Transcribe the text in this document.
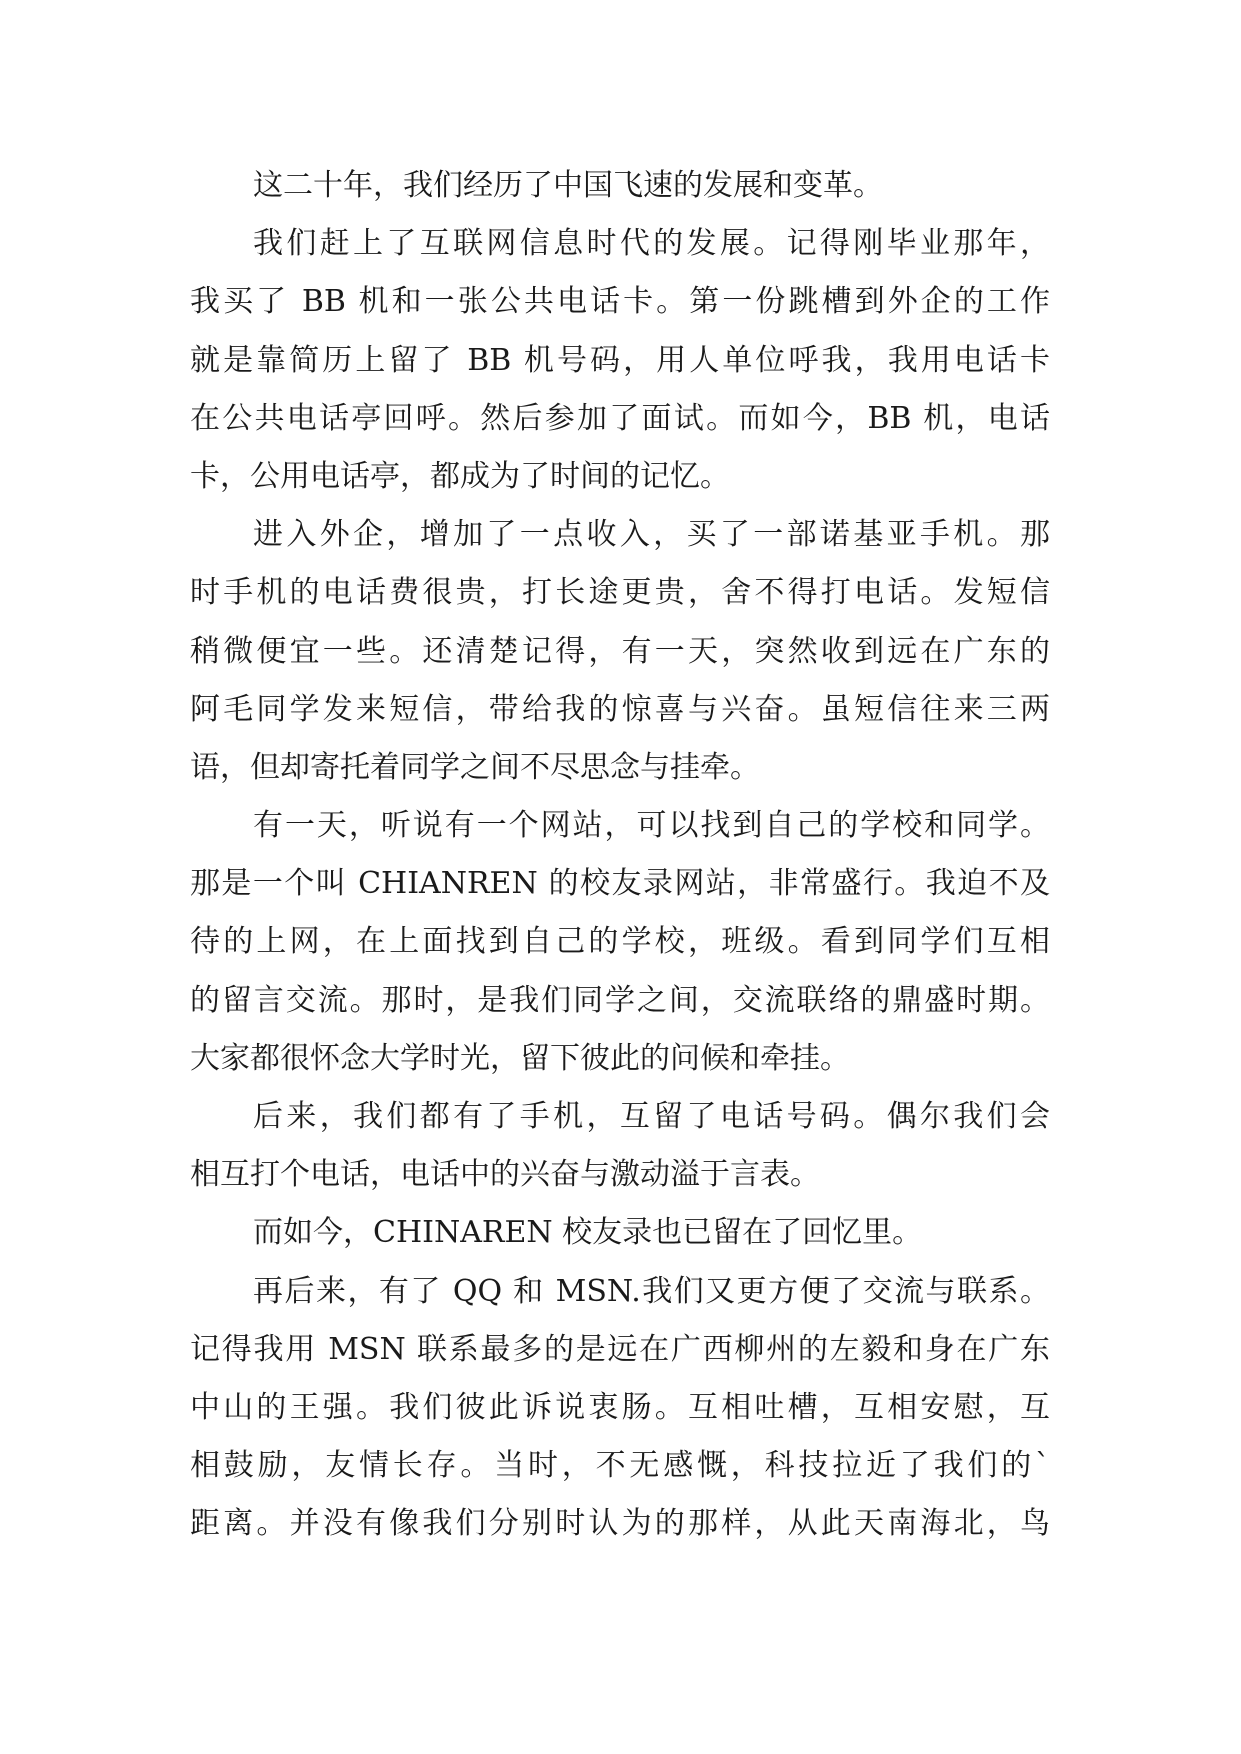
这二十年，我们经历了中国飞速的发展和变革。
我们赶上了互联网信息时代的发展。记得刚毕业那年，
我买了 BB 机和一张公共电话卡。第一份跳槽到外企的工作
就是靠简历上留了 BB 机号码，用人单位呼我，我用电话卡
在公共电话亭回呼。然后参加了面试。而如今，BB 机，电话
卡，公用电话亭，都成为了时间的记忆。
进入外企，增加了一点收入，买了一部诺基亚手机。那
时手机的电话费很贵，打长途更贵，舍不得打电话。发短信
稍微便宜一些。还清楚记得，有一天，突然收到远在广东的
阿毛同学发来短信，带给我的惊喜与兴奋。虽短信往来三两
语，但却寄托着同学之间不尽思念与挂牵。
有一天，听说有一个网站，可以找到自己的学校和同学。
那是一个叫 CHIANREN 的校友录网站，非常盛行。我迫不及
待的上网，在上面找到自己的学校，班级。看到同学们互相
的留言交流。那时，是我们同学之间，交流联络的鼎盛时期。
大家都很怀念大学时光，留下彼此的问候和牵挂。
后来，我们都有了手机，互留了电话号码。偶尔我们会
相互打个电话，电话中的兴奋与激动溢于言表。
而如今，CHINAREN 校友录也已留在了回忆里。
再后来，有了 QQ 和 MSN.我们又更方便了交流与联系。
记得我用 MSN 联系最多的是远在广西柳州的左毅和身在广东
中山的王强。我们彼此诉说衷肠。互相吐槽，互相安慰，互
相鼓励，友情长存。当时，不无感慨，科技拉近了我们的`
距离。并没有像我们分别时认为的那样，从此天南海北，鸟
